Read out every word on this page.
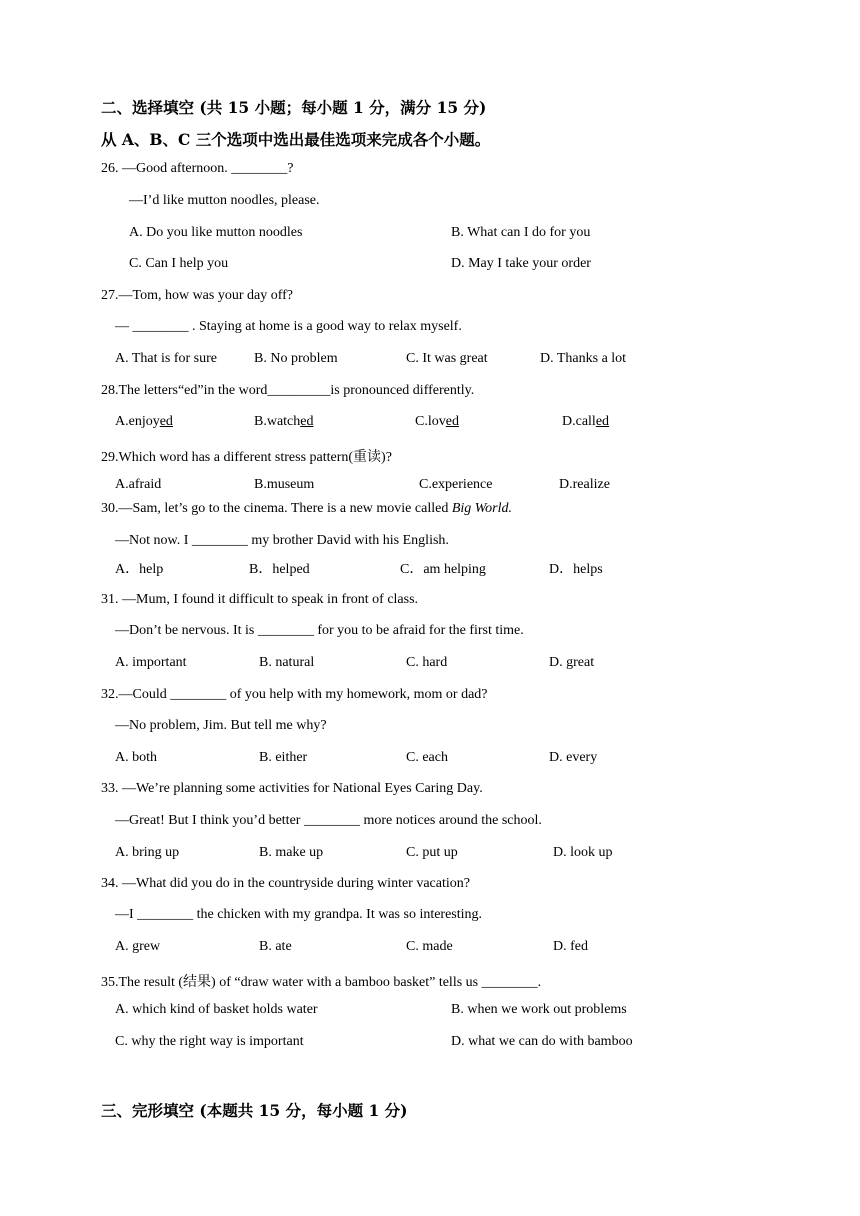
二、选择填空 (共 15 小题；每小题 1 分，满分 15 分)
从 A、B、C 三个选项中选出最佳选项来完成各个小题。
26. —Good afternoon. ________?
—I’d like mutton noodles, please.
A. Do you like mutton noodles	B. What can I do for you
C. Can I help you	D. May I take your order
27.—Tom, how was your day off?
— ________ . Staying at home is a good way to relax myself.
A. That is for sure	B. No problem	C. It was great	D. Thanks a lot
28.The letters“ed”in the word_________is pronounced differently.
A.enjoyed	B.watched	C.loved	D.called
29.Which word has a different stress pattern(重读)?
A.afraid	B.museum	C.experience	D.realize
30.—Sam, let’s go to the cinema. There is a new movie called Big World.
—Not now. I ________ my brother David with his English.
A．help	B．helped	C．am helping	D．helps
31. —Mum, I found it difficult to speak in front of class.
—Don’t be nervous. It is ________ for you to be afraid for the first time.
A. important	B. natural	C. hard	D. great
32.—Could ________ of you help with my homework, mom or dad?
—No problem, Jim. But tell me why?
A. both	B. either	C. each	D. every
33. —We’re planning some activities for National Eyes Caring Day.
—Great! But I think you’d better ________ more notices around the school.
A. bring up	B. make up	C. put up	D. look up
34. —What did you do in the countryside during winter vacation?
—I ________ the chicken with my grandpa. It was so interesting.
A. grew	B. ate	C. made	D. fed
35.The result (结果) of “draw water with a bamboo basket” tells us ________.
A. which kind of basket holds water	B. when we work out problems
C. why the right way is important	D. what we can do with bamboo
三、完形填空 (本题共 15 分，每小题 1 分)
